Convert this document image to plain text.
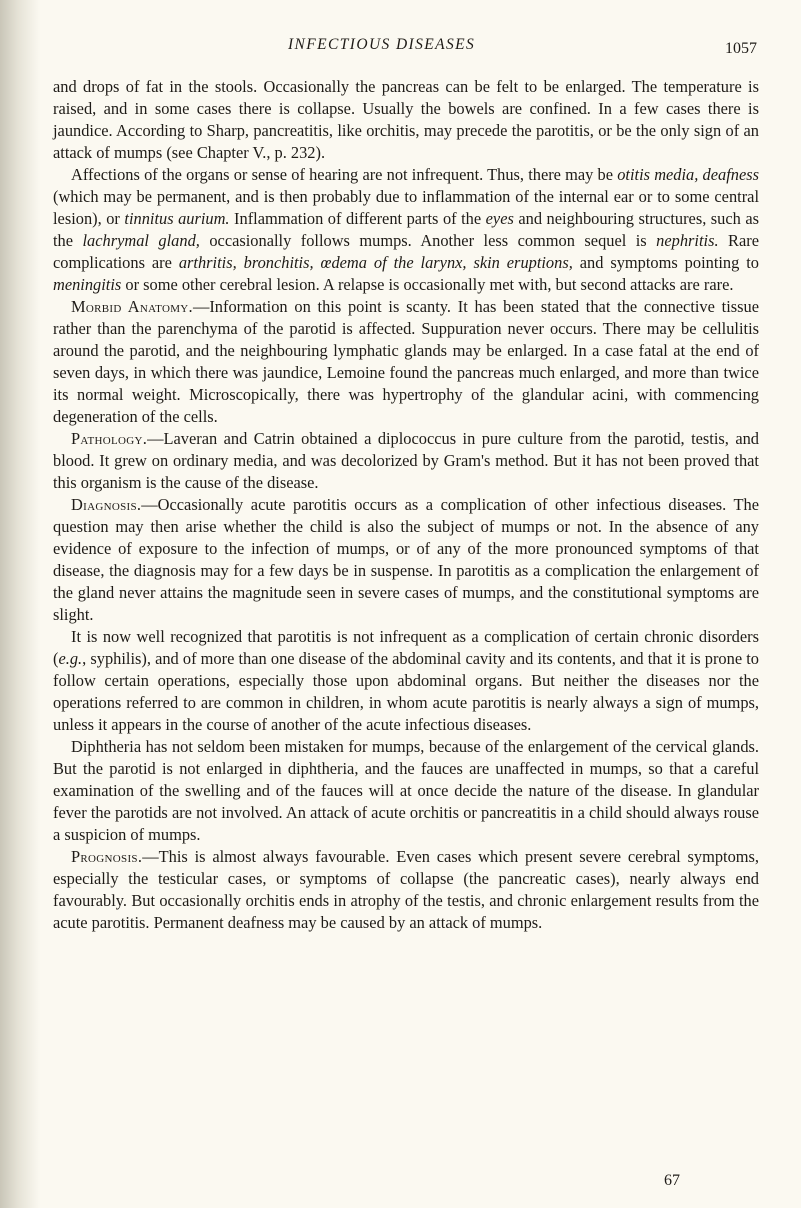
INFECTIOUS DISEASES	1057

and drops of fat in the stools. Occasionally the pancreas can be felt to be enlarged. The temperature is raised, and in some cases there is collapse. Usually the bowels are confined. In a few cases there is jaundice. According to Sharp, pancreatitis, like orchitis, may precede the parotitis, or be the only sign of an attack of mumps (see Chapter V., p. 232).

Affections of the organs or sense of hearing are not infrequent. Thus, there may be otitis media, deafness (which may be permanent, and is then probably due to inflammation of the internal ear or to some central lesion), or tinnitus aurium. Inflammation of different parts of the eyes and neighbouring structures, such as the lachrymal gland, occasionally follows mumps. Another less common sequel is nephritis. Rare complications are arthritis, bronchitis, œdema of the larynx, skin eruptions, and symptoms pointing to meningitis or some other cerebral lesion. A relapse is occasionally met with, but second attacks are rare.

Morbid Anatomy.—Information on this point is scanty. It has been stated that the connective tissue rather than the parenchyma of the parotid is affected. Suppuration never occurs. There may be cellulitis around the parotid, and the neighbouring lymphatic glands may be enlarged. In a case fatal at the end of seven days, in which there was jaundice, Lemoine found the pancreas much enlarged, and more than twice its normal weight. Microscopically, there was hypertrophy of the glandular acini, with commencing degeneration of the cells.

Pathology.—Laveran and Catrin obtained a diplococcus in pure culture from the parotid, testis, and blood. It grew on ordinary media, and was decolorized by Gram's method. But it has not been proved that this organism is the cause of the disease.

Diagnosis.—Occasionally acute parotitis occurs as a complication of other infectious diseases. The question may then arise whether the child is also the subject of mumps or not. In the absence of any evidence of exposure to the infection of mumps, or of any of the more pronounced symptoms of that disease, the diagnosis may for a few days be in suspense. In parotitis as a complication the enlargement of the gland never attains the magnitude seen in severe cases of mumps, and the constitutional symptoms are slight.

It is now well recognized that parotitis is not infrequent as a complication of certain chronic disorders (e.g., syphilis), and of more than one disease of the abdominal cavity and its contents, and that it is prone to follow certain operations, especially those upon abdominal organs. But neither the diseases nor the operations referred to are common in children, in whom acute parotitis is nearly always a sign of mumps, unless it appears in the course of another of the acute infectious diseases.

Diphtheria has not seldom been mistaken for mumps, because of the enlargement of the cervical glands. But the parotid is not enlarged in diphtheria, and the fauces are unaffected in mumps, so that a careful examination of the swelling and of the fauces will at once decide the nature of the disease. In glandular fever the parotids are not involved. An attack of acute orchitis or pancreatitis in a child should always rouse a suspicion of mumps.

Prognosis.—This is almost always favourable. Even cases which present severe cerebral symptoms, especially the testicular cases, or symptoms of collapse (the pancreatic cases), nearly always end favourably. But occasionally orchitis ends in atrophy of the testis, and chronic enlargement results from the acute parotitis. Permanent deafness may be caused by an attack of mumps.

67
